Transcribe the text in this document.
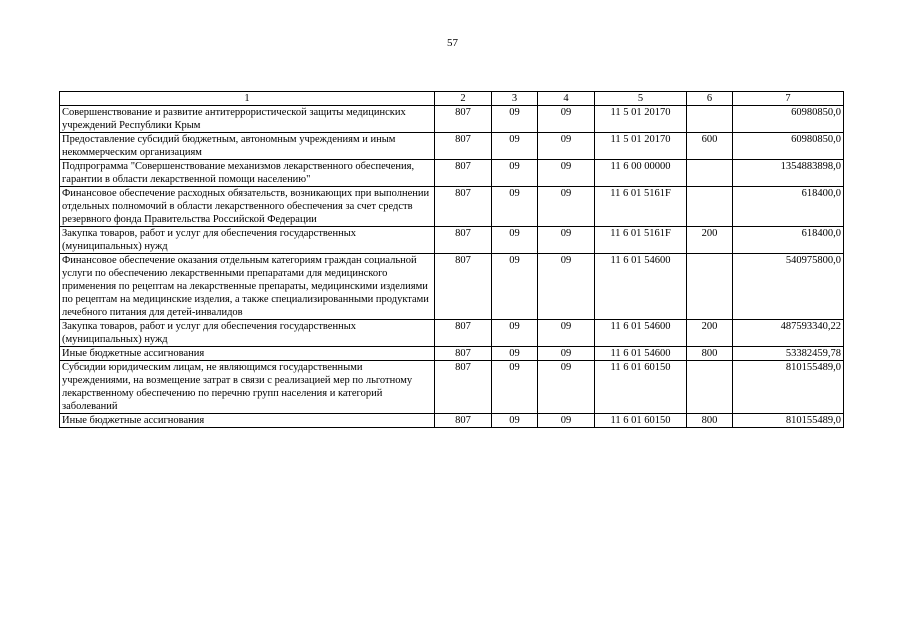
57
1	2	3	4	5	6	7
Совершенствование и развитие антитеррористической защиты медицинских учреждений Республики Крым	807	09	09	11 5 01 20170		60980850,0
Предоставление субсидий бюджетным, автономным учреждениям и иным некоммерческим организациям	807	09	09	11 5 01 20170	600	60980850,0
Подпрограмма "Совершенствование механизмов лекарственного обеспечения, гарантии в области лекарственной помощи населению"	807	09	09	11 6 00 00000		1354883898,0
Финансовое обеспечение расходных обязательств, возникающих при выполнении отдельных полномочий в области лекарственного обеспечения за счет средств резервного фонда Правительства Российской Федерации	807	09	09	11 6 01 5161F		618400,0
Закупка товаров, работ и услуг для обеспечения государственных (муниципальных) нужд	807	09	09	11 6 01 5161F	200	618400,0
Финансовое обеспечение оказания отдельным категориям граждан социальной услуги по обеспечению лекарственными препаратами для медицинского применения по рецептам на лекарственные препараты, медицинскими изделиями по рецептам на медицинские изделия, а также специализированными продуктами лечебного питания для детей-инвалидов	807	09	09	11 6 01 54600		540975800,0
Закупка товаров, работ и услуг для обеспечения государственных (муниципальных) нужд	807	09	09	11 6 01 54600	200	487593340,22
Иные бюджетные ассигнования	807	09	09	11 6 01 54600	800	53382459,78
Субсидии юридическим лицам, не являющимся государственными учреждениями, на возмещение затрат в связи с реализацией мер по льготному лекарственному обеспечению по перечню групп населения и категорий заболеваний	807	09	09	11 6 01 60150		810155489,0
Иные бюджетные ассигнования	807	09	09	11 6 01 60150	800	810155489,0
